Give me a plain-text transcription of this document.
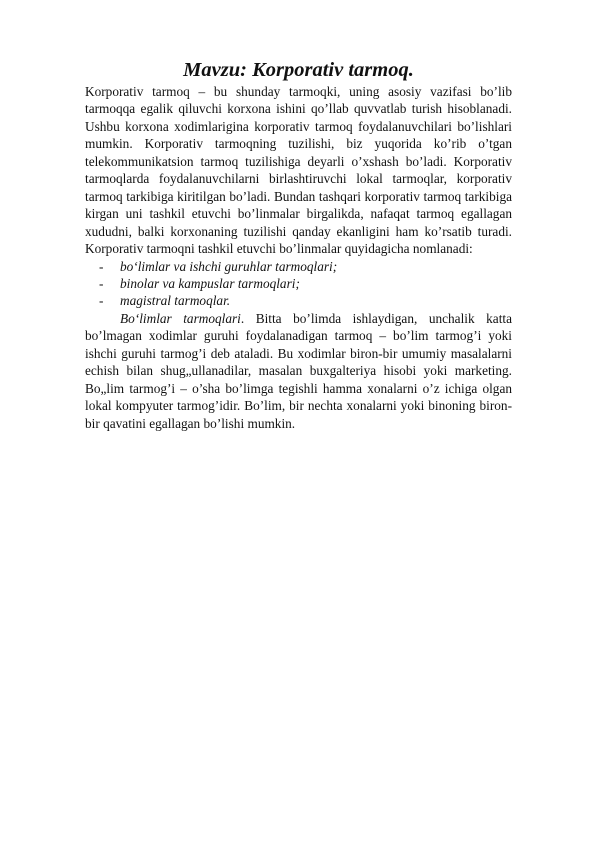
Mavzu: Korporativ tarmoq.

Korporativ tarmoq – bu shunday tarmoqki, uning asosiy vazifasi bo’lib tarmoqqa egalik qiluvchi korxona ishini qo’llab quvvatlab turish hisoblanadi. Ushbu korxona xodimlarigina korporativ tarmoq foydalanuvchilari bo’lishlari mumkin. Korporativ tarmoqning tuzilishi, biz yuqorida ko’rib o’tgan telekommunikatsion tarmoq tuzilishiga deyarli o’xshash bo’ladi. Korporativ tarmoqlarda foydalanuvchilarni birlashtiruvchi lokal tarmoqlar, korporativ tarmoq tarkibiga kiritilgan bo’ladi. Bundan tashqari korporativ tarmoq tarkibiga kirgan uni tashkil etuvchi bo’linmalar birgalikda, nafaqat tarmoq egallagan xududni, balki korxonaning tuzilishi qanday ekanligini ham ko’rsatib turadi. Korporativ tarmoqni tashkil etuvchi bo’linmalar quyidagicha nomlanadi:

- bo‘limlar va ishchi guruhlar tarmoqlari;
- binolar va kampuslar tarmoqlari;
- magistral tarmoqlar.

Bo‘limlar tarmoqlari. Bitta bo’limda ishlaydigan, unchalik katta bo’lmagan xodimlar guruhi foydalanadigan tarmoq – bo’lim tarmog’i yoki ishchi guruhi tarmog’i deb ataladi. Bu xodimlar biron-bir umumiy masalalarni echish bilan shug„ullanadilar, masalan buxgalteriya hisobi yoki marketing. Bo„lim tarmog’i – o’sha bo’limga tegishli hamma xonalarni o’z ichiga olgan lokal kompyuter tarmog’idir. Bo’lim, bir nechta xonalarni yoki binoning biron-bir qavatini egallagan bo’lishi mumkin.
